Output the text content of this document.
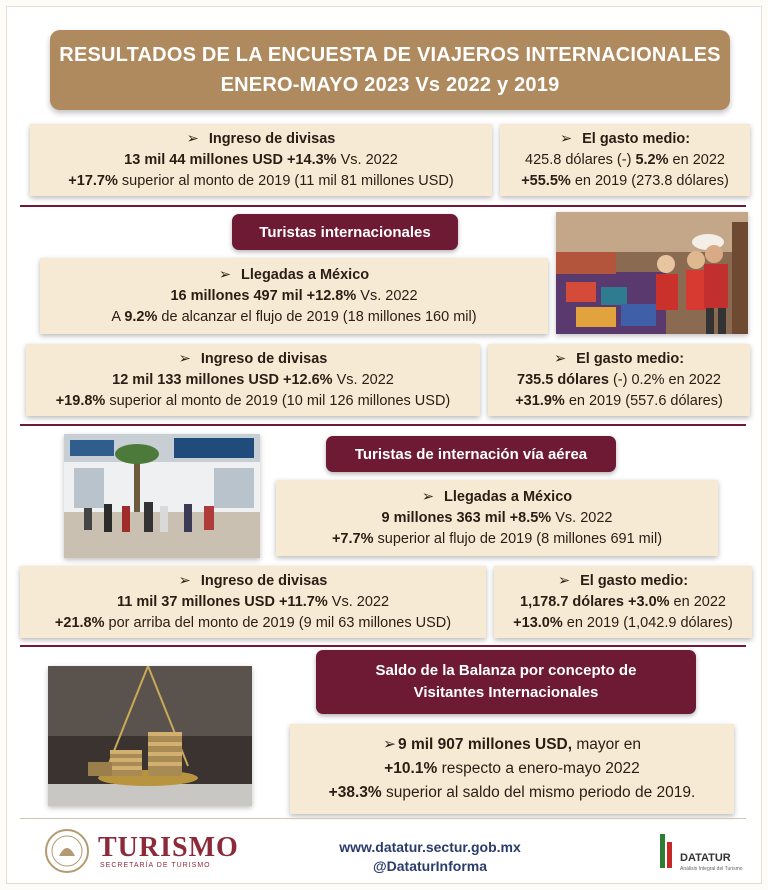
RESULTADOS DE LA ENCUESTA DE VIAJEROS INTERNACIONALES
ENERO-MAYO 2023 Vs 2022 y 2019
➢ Ingreso de divisas
13 mil 44 millones USD +14.3% Vs. 2022
+17.7% superior al monto de 2019 (11 mil 81 millones USD)
➢ El gasto medio:
425.8 dólares (-) 5.2% en 2022
+55.5% en 2019 (273.8 dólares)
Turistas internacionales
➢ Llegadas a México
16 millones 497 mil +12.8% Vs. 2022
A 9.2% de alcanzar el flujo de 2019 (18 millones 160 mil)
➢ Ingreso de divisas
12 mil 133 millones USD +12.6% Vs. 2022
+19.8% superior al monto de 2019 (10 mil 126 millones USD)
➢ El gasto medio:
735.5 dólares (-) 0.2% en 2022
+31.9% en 2019 (557.6 dólares)
Turistas de internación vía aérea
➢ Llegadas a México
9 millones 363 mil +8.5% Vs. 2022
+7.7% superior al flujo de 2019 (8 millones 691 mil)
➢ Ingreso de divisas
11 mil 37 millones USD +11.7% Vs. 2022
+21.8% por arriba del monto de 2019 (9 mil 63 millones USD)
➢ El gasto medio:
1,178.7 dólares +3.0% en 2022
+13.0% en 2019 (1,042.9 dólares)
Saldo de la Balanza por concepto de
Visitantes Internacionales
➢ 9 mil 907 millones USD, mayor en
+10.1% respecto a enero-mayo 2022
+38.3% superior al saldo del mismo periodo de 2019.
TURISMO
SECRETARÍA DE TURISMO
www.datatur.sectur.gob.mx
@DataturInforma	DATATUR
Análisis Integral del Turismo
